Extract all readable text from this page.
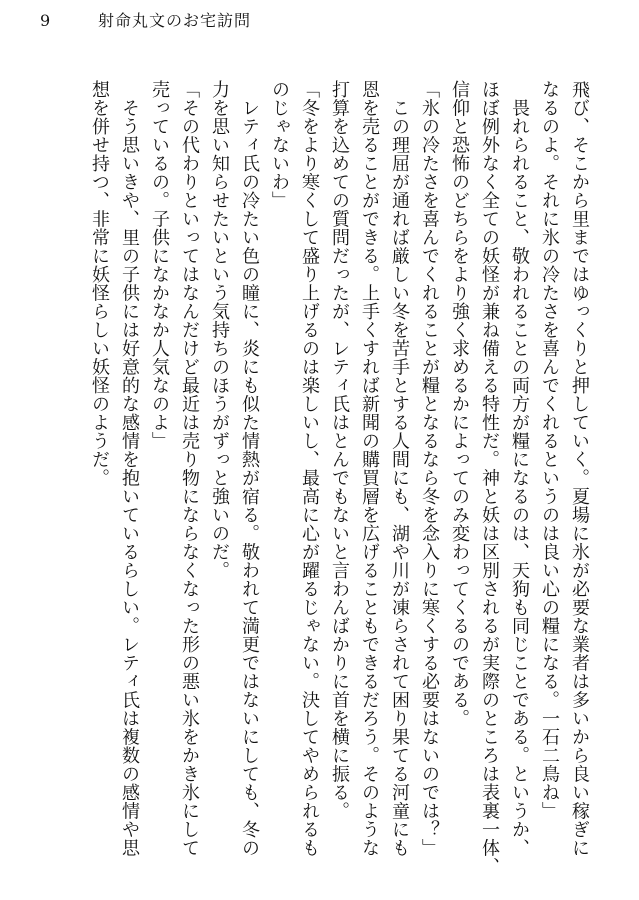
9	射命丸文のお宅訪問
飛び、そこから里まではゆっくりと押していく。夏場に氷が必要な業者は多いから良い稼ぎに
なるのよ。それに氷の冷たさを喜んでくれるというのは良い心の糧になる。一石二鳥ね」
　畏れられること、敬われることの両方が糧になるのは、天狗も同じことである。というか、
ほぼ例外なく全ての妖怪が兼ね備える特性だ。神と妖は区別されるが実際のところは表裏一体、
信仰と恐怖のどちらをより強く求めるかによってのみ変わってくるのである。
「氷の冷たさを喜んでくれることが糧となるなら冬を念入りに寒くする必要はないのでは？」
　この理屈が通れば厳しい冬を苦手とする人間にも、湖や川が凍らされて困り果てる河童にも
恩を売ることができる。上手くすれば新聞の購買層を広げることもできるだろう。そのような
打算を込めての質問だったが、レティ氏はとんでもないと言わんばかりに首を横に振る。
「冬をより寒くして盛り上げるのは楽しいし、最高に心が躍るじゃない。決してやめられるも
のじゃないわ」
　レティ氏の冷たい色の瞳に、炎にも似た情熱が宿る。敬われて満更ではないにしても、冬の
力を思い知らせたいという気持ちのほうがずっと強いのだ。
「その代わりといってはなんだけど最近は売り物にならなくなった形の悪い氷をかき氷にして
売っているの。子供になかなか人気なのよ」
　そう思いきや、里の子供には好意的な感情を抱いているらしい。レティ氏は複数の感情や思
想を併せ持つ、非常に妖怪らしい妖怪のようだ。
